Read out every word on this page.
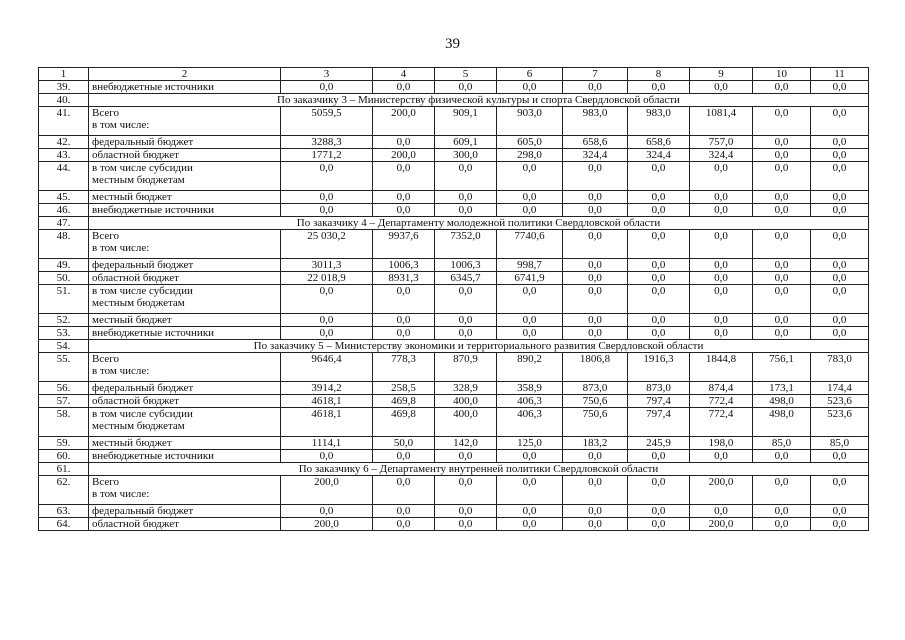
39
1	2	3	4	5	6	7	8	9	10	11
39.	внебюджетные источники	0,0	0,0	0,0	0,0	0,0	0,0	0,0	0,0	0,0
40.	По заказчику 3 – Министерству физической культуры и спорта Свердловской области									
41.	Всего
в том числе:	5059,5	200,0	909,1	903,0	983,0	983,0	1081,4	0,0	0,0
42.	федеральный бюджет	3288,3	0,0	609,1	605,0	658,6	658,6	757,0	0,0	0,0
43.	областной бюджет	1771,2	200,0	300,0	298,0	324,4	324,4	324,4	0,0	0,0
44.	в том числе субсидии
местным бюджетам	0,0	0,0	0,0	0,0	0,0	0,0	0,0	0,0	0,0
45.	местный бюджет	0,0	0,0	0,0	0,0	0,0	0,0	0,0	0,0	0,0
46.	внебюджетные источники	0,0	0,0	0,0	0,0	0,0	0,0	0,0	0,0	0,0
47.	По заказчику 4 – Департаменту молодежной политики Свердловской области									
48.	Всего
в том числе:	25 030,2	9937,6	7352,0	7740,6	0,0	0,0	0,0	0,0	0,0
49.	федеральный бюджет	3011,3	1006,3	1006,3	998,7	0,0	0,0	0,0	0,0	0,0
50.	областной бюджет	22 018,9	8931,3	6345,7	6741,9	0,0	0,0	0,0	0,0	0,0
51.	в том числе субсидии
местным бюджетам	0,0	0,0	0,0	0,0	0,0	0,0	0,0	0,0	0,0
52.	местный бюджет	0,0	0,0	0,0	0,0	0,0	0,0	0,0	0,0	0,0
53.	внебюджетные источники	0,0	0,0	0,0	0,0	0,0	0,0	0,0	0,0	0,0
54.	По заказчику 5 – Министерству экономики и территориального развития Свердловской области									
55.	Всего
в том числе:	9646,4	778,3	870,9	890,2	1806,8	1916,3	1844,8	756,1	783,0
56.	федеральный бюджет	3914,2	258,5	328,9	358,9	873,0	873,0	874,4	173,1	174,4
57.	областной бюджет	4618,1	469,8	400,0	406,3	750,6	797,4	772,4	498,0	523,6
58.	в том числе субсидии
местным бюджетам	4618,1	469,8	400,0	406,3	750,6	797,4	772,4	498,0	523,6
59.	местный бюджет	1114,1	50,0	142,0	125,0	183,2	245,9	198,0	85,0	85,0
60.	внебюджетные источники	0,0	0,0	0,0	0,0	0,0	0,0	0,0	0,0	0,0
61.	По заказчику 6 – Департаменту внутренней политики Свердловской области									
62.	Всего
в том числе:	200,0	0,0	0,0	0,0	0,0	0,0	200,0	0,0	0,0
63.	федеральный бюджет	0,0	0,0	0,0	0,0	0,0	0,0	0,0	0,0	0,0
64.	областной бюджет	200,0	0,0	0,0	0,0	0,0	0,0	200,0	0,0	0,0
